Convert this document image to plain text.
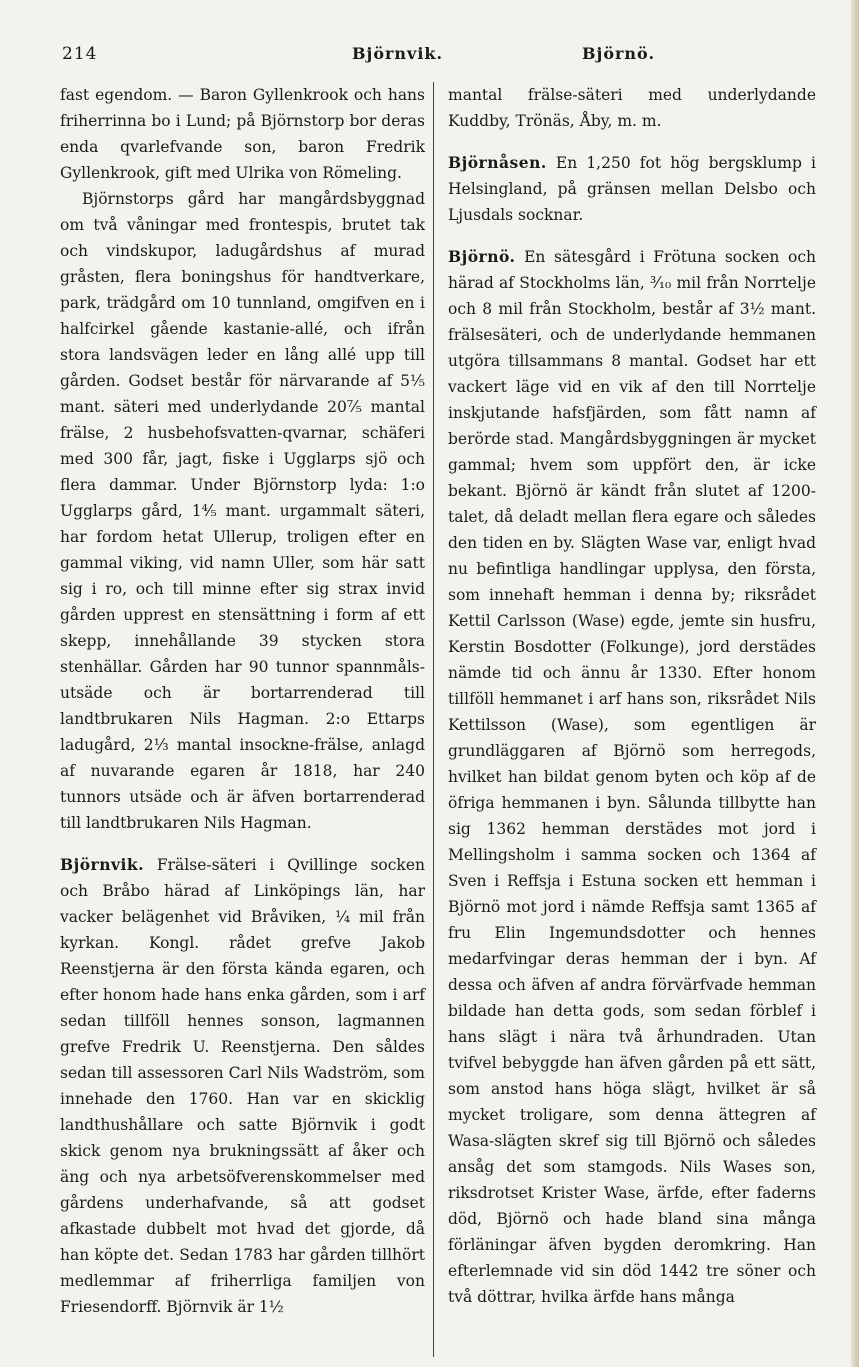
214	Björnvik.	Björnö.

fast egendom. — Baron Gyllenkrook och hans friherrinna bo i Lund; på Björnstorp bor deras enda qvarlefvande son, baron Fredrik Gyllenkrook, gift med Ulrika von Römeling.

Björnstorps gård har mangårdsbyggnad om två våningar med frontespis, brutet tak och vindskupor, ladugårdshus af murad gråsten, flera boningshus för handtverkare, park, trädgård om 10 tunnland, omgifven en i halfcirkel gående kastanie-allé, och ifrån stora landsvägen leder en lång allé upp till gården. Godset består för närvarande af 5⅕ mant. säteri med underlydande 20⁷⁄₅ mantal frälse, 2 husbehofsvatten-qvarnar, schäferi med 300 får, jagt, fiske i Ugglarps sjö och flera dammar. Under Björnstorp lyda: 1:o Ugglarps gård, 1⁴⁄₅ mant. urgammalt säteri, har fordom hetat Ullerup, troligen efter en gammal viking, vid namn Uller, som här satt sig i ro, och till minne efter sig strax invid gården upprest en stensättning i form af ett skepp, innehållande 39 stycken stora stenhällar. Gården har 90 tunnor spannmåls-utsäde och är bortarrenderad till landtbrukaren Nils Hagman. 2:o Ettarps ladugård, 2⅓ mantal insockne-frälse, anlagd af nuvarande egaren år 1818, har 240 tunnors utsäde och är äfven bortarrenderad till landtbrukaren Nils Hagman.

Björnvik. Frälse-säteri i Qvillinge socken och Bråbo härad af Linköpings län, har vacker belägenhet vid Bråviken, ¼ mil från kyrkan. Kongl. rådet grefve Jakob Reenstjerna är den första kända egaren, och efter honom hade hans enka gården, som i arf sedan tillföll hennes sonson, lagmannen grefve Fredrik U. Reenstjerna. Den såldes sedan till assessoren Carl Nils Wadström, som innehade den 1760. Han var en skicklig landthushållare och satte Björnvik i godt skick genom nya brukningssätt af åker och äng och nya arbetsöfverenskommelser med gårdens underhafvande, så att godset afkastade dubbelt mot hvad det gjorde, då han köpte det. Sedan 1783 har gården tillhört medlemmar af friherrliga familjen von Friesendorff. Björnvik är 1½

mantal frälse-säteri med underlydande Kuddby, Trönäs, Åby, m. m.

Björnåsen. En 1,250 fot hög bergsklump i Helsingland, på gränsen mellan Delsbo och Ljusdals socknar.

Björnö. En sätesgård i Frötuna socken och härad af Stockholms län, ³⁄₁₀ mil från Norrtelje och 8 mil från Stockholm, består af 3½ mant. frälsesäteri, och de underlydande hemmanen utgöra tillsammans 8 mantal. Godset har ett vackert läge vid en vik af den till Norrtelje inskjutande hafsfjärden, som fått namn af berörde stad. Mangårdsbyggningen är mycket gammal; hvem som uppfört den, är icke bekant. Björnö är kändt från slutet af 1200-talet, då deladt mellan flera egare och således den tiden en by. Slägten Wase var, enligt hvad nu befintliga handlingar upplysa, den första, som innehaft hemman i denna by; riksrådet Kettil Carlsson (Wase) egde, jemte sin husfru, Kerstin Bosdotter (Folkunge), jord derstädes nämde tid och ännu år 1330. Efter honom tillföll hemmanet i arf hans son, riksrådet Nils Kettilsson (Wase), som egentligen är grundläggaren af Björnö som herregods, hvilket han bildat genom byten och köp af de öfriga hemmanen i byn. Sålunda tillbytte han sig 1362 hemman derstädes mot jord i Mellingsholm i samma socken och 1364 af Sven i Reffsja i Estuna socken ett hemman i Björnö mot jord i nämde Reffsja samt 1365 af fru Elin Ingemundsdotter och hennes medarfvingar deras hemman der i byn. Af dessa och äfven af andra förvärfvade hemman bildade han detta gods, som sedan förblef i hans slägt i nära två århundraden. Utan tvifvel bebyggde han äfven gården på ett sätt, som anstod hans höga slägt, hvilket är så mycket troligare, som denna ättegren af Wasa-slägten skref sig till Björnö och således ansåg det som stamgods. Nils Wases son, riksdrotset Krister Wase, ärfde, efter faderns död, Björnö och hade bland sina många förläningar äfven bygden deromkring. Han efterlemnade vid sin död 1442 tre söner och två döttrar, hvilka ärfde hans många
